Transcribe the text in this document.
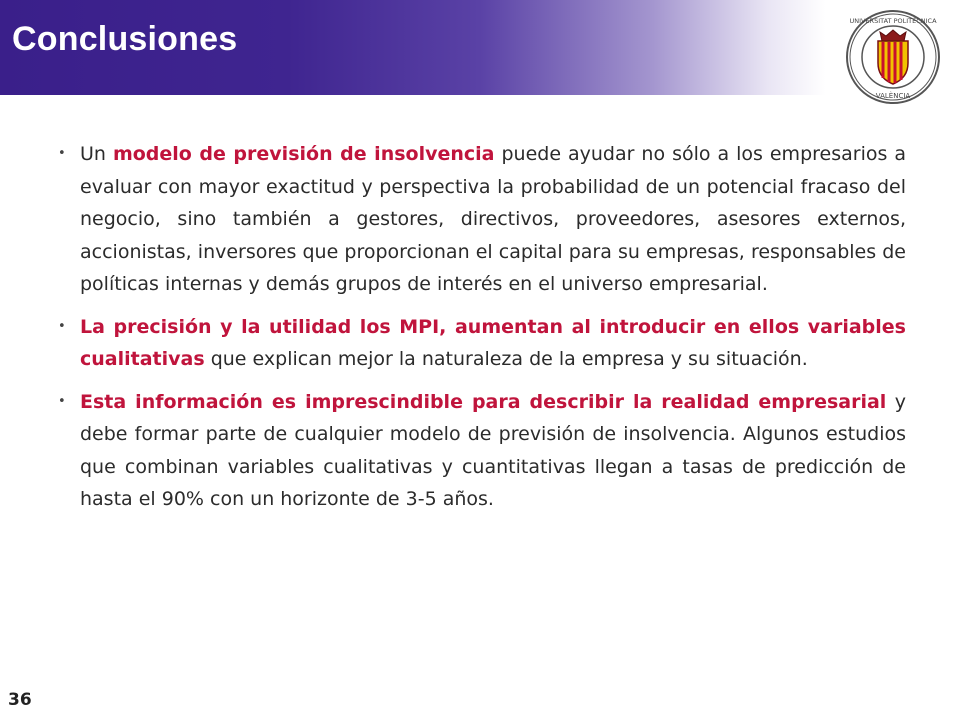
Conclusiones	UNIVERSITAT POLITÈCNICA
VALÈNCIA
• Un modelo de previsión de insolvencia puede ayudar no sólo a los empresarios a evaluar con mayor exactitud y perspectiva la probabilidad de un potencial fracaso del negocio, sino también a gestores, directivos, proveedores, asesores externos, accionistas, inversores que proporcionan el capital para su empresas, responsables de políticas internas y demás grupos de interés en el universo empresarial.
• La precisión y la utilidad los MPI, aumentan al introducir en ellos variables cualitativas que explican mejor la naturaleza de la empresa y su situación.
• Esta información es imprescindible para describir la realidad empresarial y debe formar parte de cualquier modelo de previsión de insolvencia. Algunos estudios que combinan variables cualitativas y cuantitativas llegan a tasas de predicción de hasta el 90% con un horizonte de 3-5 años.
36
